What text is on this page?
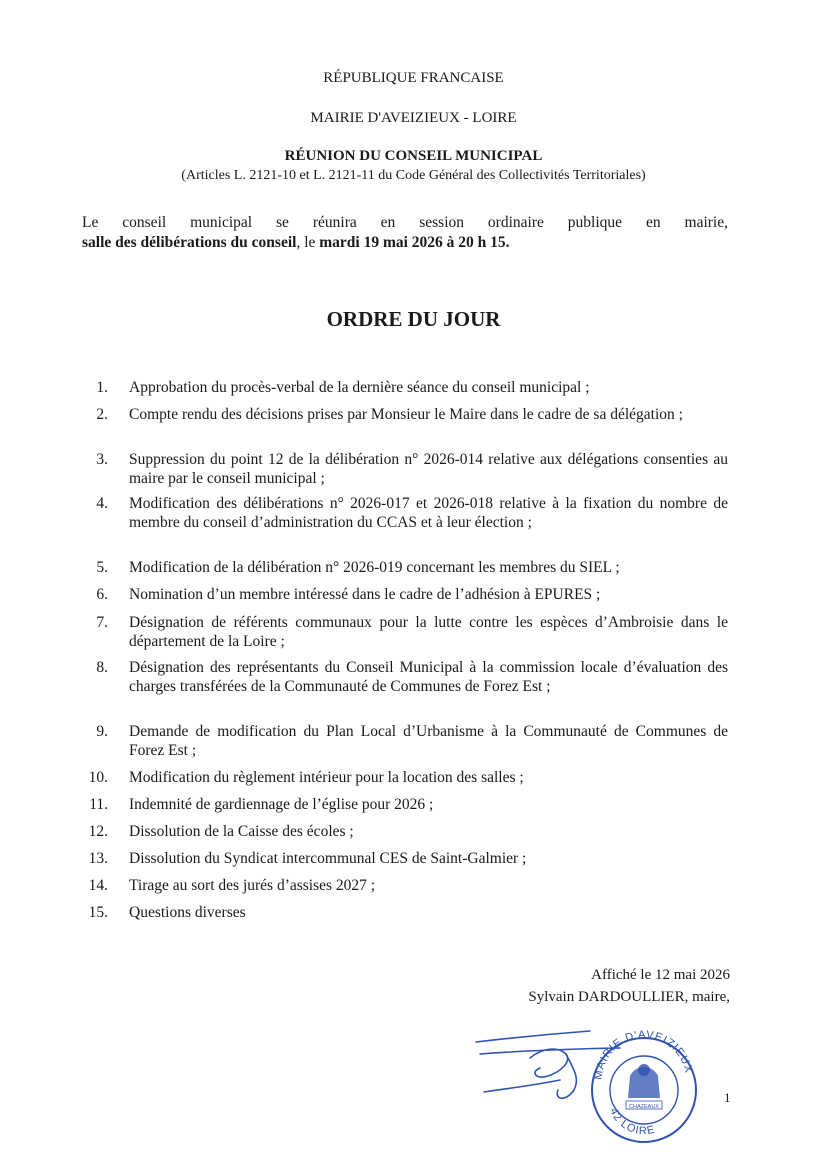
RÉPUBLIQUE FRANCAISE
MAIRIE D'AVEIZIEUX - LOIRE
RÉUNION DU CONSEIL MUNICIPAL
(Articles L. 2121-10 et L. 2121-11 du Code Général des Collectivités Territoriales)
Le conseil municipal se réunira en session ordinaire publique en mairie,
salle des délibérations du conseil, le mardi 19 mai 2026 à 20 h 15.
ORDRE DU JOUR
1. Approbation du procès-verbal de la dernière séance du conseil municipal ;
2. Compte rendu des décisions prises par Monsieur le Maire dans le cadre de sa délégation ;
3. Suppression du point 12 de la délibération n° 2026-014 relative aux délégations consenties au maire par le conseil municipal ;
4. Modification des délibérations n° 2026-017 et 2026-018 relative à la fixation du nombre de membre du conseil d’administration du CCAS et à leur élection ;
5. Modification de la délibération n° 2026-019 concernant les membres du SIEL ;
6. Nomination d’un membre intéressé dans le cadre de l’adhésion à EPURES ;
7. Désignation de référents communaux pour la lutte contre les espèces d’Ambroisie dans le département de la Loire ;
8. Désignation des représentants du Conseil Municipal à la commission locale d’évaluation des charges transférées de la Communauté de Communes de Forez Est ;
9. Demande de modification du Plan Local d’Urbanisme à la Communauté de Communes de Forez Est ;
10. Modification du règlement intérieur pour la location des salles ;
11. Indemnité de gardiennage de l’église pour 2026 ;
12. Dissolution de la Caisse des écoles ;
13. Dissolution du Syndicat intercommunal CES de Saint-Galmier ;
14. Tirage au sort des jurés d’assises 2027 ;
15. Questions diverses
Affiché le 12 mai 2026
Sylvain DARDOULLIER, maire,
MAIRIE D'AVEIZIEUX
42 LOIRE
CHAZEAUX
1
